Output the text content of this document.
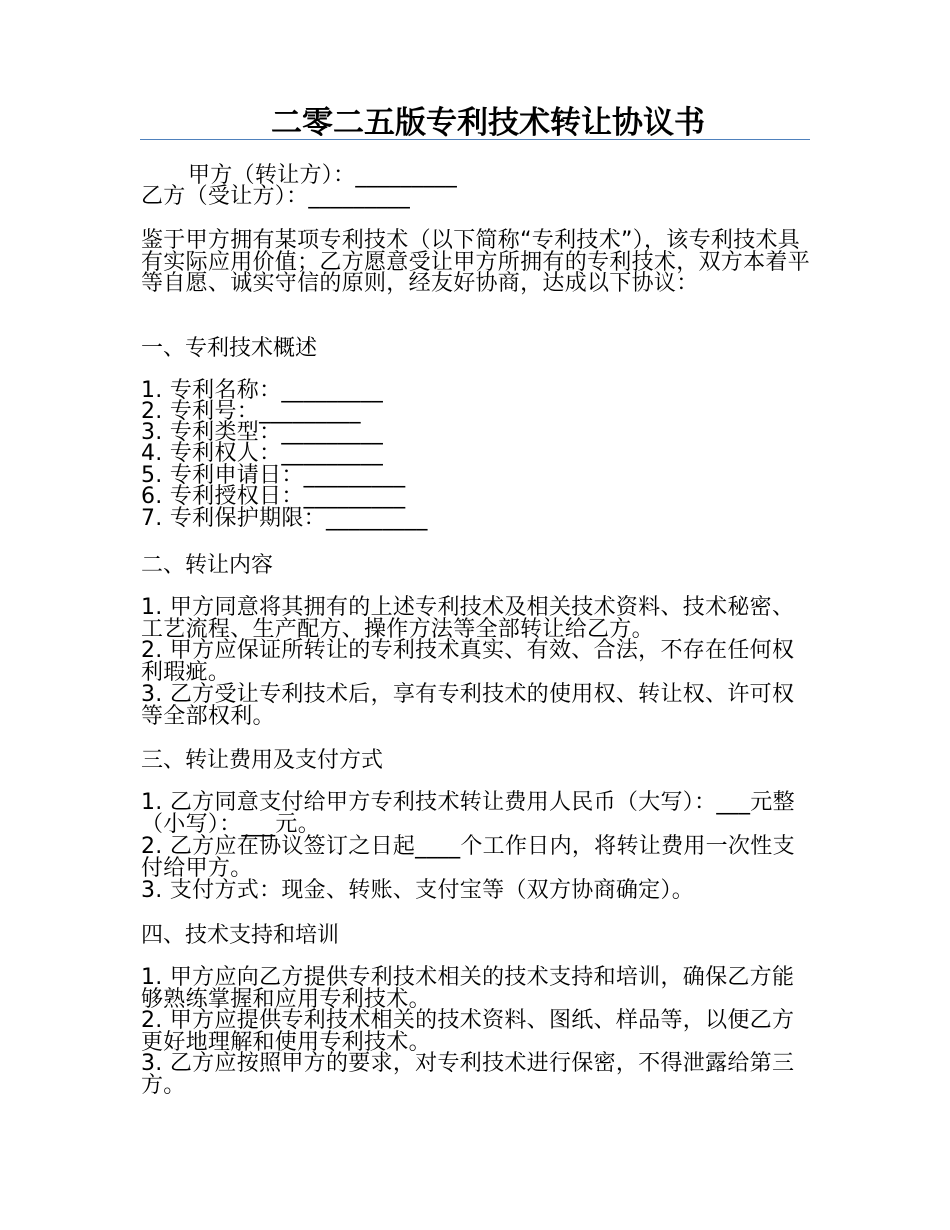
二零二五版专利技术转让协议书
甲方（转让方）：_________
乙方（受让方）：_________
鉴于甲方拥有某项专利技术（以下简称“专利技术”），该专利技术具有实际应用价值；乙方愿意受让甲方所拥有的专利技术，双方本着平等自愿、诚实守信的原则，经友好协商，达成以下协议：
一、专利技术概述
1. 专利名称：_________
2. 专利号：_________
3. 专利类型：_________
4. 专利权人：_________
5. 专利申请日：_________
6. 专利授权日：_________
7. 专利保护期限：_________
二、转让内容
1. 甲方同意将其拥有的上述专利技术及相关技术资料、技术秘密、工艺流程、生产配方、操作方法等全部转让给乙方。
2. 甲方应保证所转让的专利技术真实、有效、合法，不存在任何权利瑕疵。
3. 乙方受让专利技术后，享有专利技术的使用权、转让权、许可权等全部权利。
三、转让费用及支付方式
1. 乙方同意支付给甲方专利技术转让费用人民币（大写）：___元整（小写）：___元。
2. 乙方应在协议签订之日起____个工作日内，将转让费用一次性支付给甲方。
3. 支付方式：现金、转账、支付宝等（双方协商确定）。
四、技术支持和培训
1. 甲方应向乙方提供专利技术相关的技术支持和培训，确保乙方能够熟练掌握和应用专利技术。
2. 甲方应提供专利技术相关的技术资料、图纸、样品等，以便乙方更好地理解和使用专利技术。
3. 乙方应按照甲方的要求，对专利技术进行保密，不得泄露给第三方。
